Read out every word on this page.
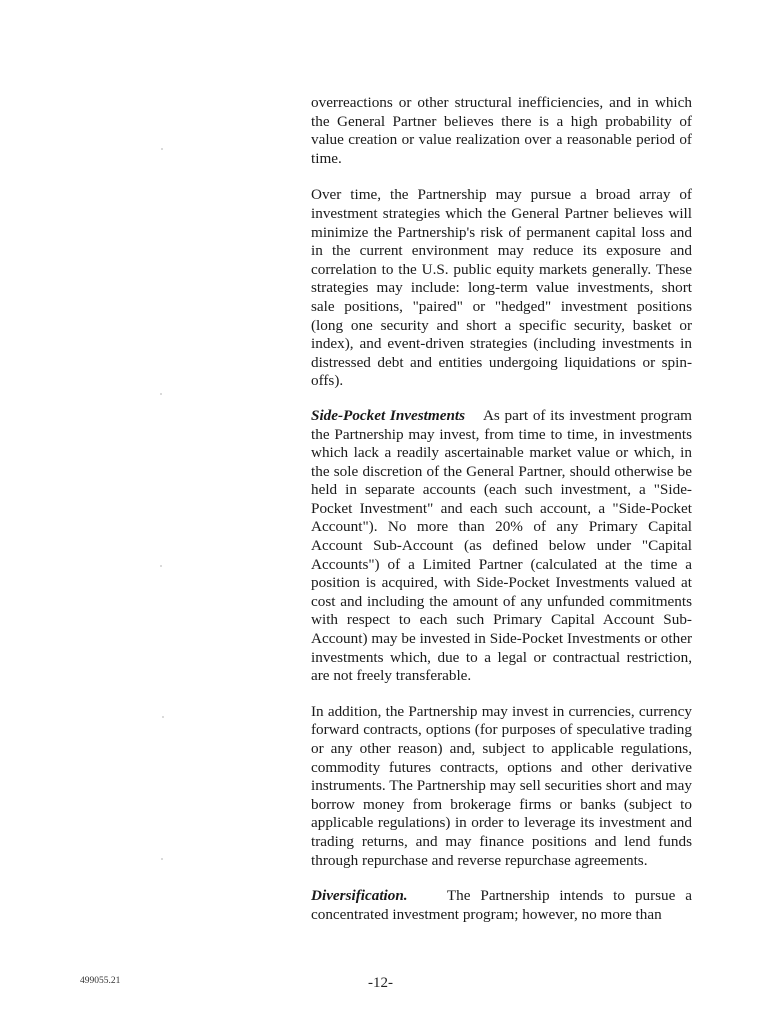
overreactions or other structural inefficiencies, and in which the General Partner believes there is a high probability of value creation or value realization over a reasonable period of time.

Over time, the Partnership may pursue a broad array of investment strategies which the General Partner believes will minimize the Partnership's risk of permanent capital loss and in the current environment may reduce its exposure and correlation to the U.S. public equity markets generally. These strategies may include: long-term value investments, short sale positions, "paired" or "hedged" investment positions (long one security and short a specific security, basket or index), and event-driven strategies (including investments in distressed debt and entities undergoing liquidations or spin-offs).

Side-Pocket Investments As part of its investment program the Partnership may invest, from time to time, in investments which lack a readily ascertainable market value or which, in the sole discretion of the General Partner, should otherwise be held in separate accounts (each such investment, a "Side-Pocket Investment" and each such account, a "Side-Pocket Account"). No more than 20% of any Primary Capital Account Sub-Account (as defined below under "Capital Accounts") of a Limited Partner (calculated at the time a position is acquired, with Side-Pocket Investments valued at cost and including the amount of any unfunded commitments with respect to each such Primary Capital Account Sub-Account) may be invested in Side-Pocket Investments or other investments which, due to a legal or contractual restriction, are not freely transferable.

In addition, the Partnership may invest in currencies, currency forward contracts, options (for purposes of speculative trading or any other reason) and, subject to applicable regulations, commodity futures contracts, options and other derivative instruments. The Partnership may sell securities short and may borrow money from brokerage firms or banks (subject to applicable regulations) in order to leverage its investment and trading returns, and may finance positions and lend funds through repurchase and reverse repurchase agreements.

Diversification.	The Partnership intends to pursue a concentrated investment program; however, no more than

499055.21	-12-
